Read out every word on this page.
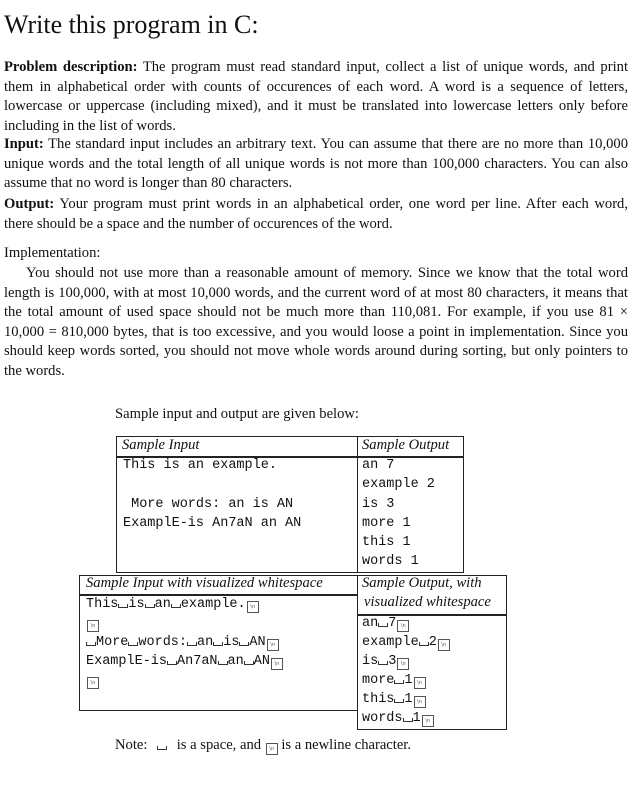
Write this program in C:

Problem description: The program must read standard input, collect a list of unique words, and print them in alphabetical order with counts of occurences of each word. A word is a sequence of letters, lowercase or uppercase (including mixed), and it must be translated into lowercase letters only before including in the list of words.

Input: The standard input includes an arbitrary text. You can assume that there are no more than 10,000 unique words and the total length of all unique words is not more than 100,000 characters. You can also assume that no word is longer than 80 characters.

Output: Your program must print words in an alphabetical order, one word per line. After each word, there should be a space and the number of occurences of the word.

Implementation:

You should not use more than a reasonable amount of memory. Since we know that the total word length is 100,000, with at most 10,000 words, and the current word of at most 80 characters, it means that the total amount of used space should not be much more than 110,081. For example, if you use 81 × 10,000 = 810,000 bytes, that is too excessive, and you would loose a point in implementation. Since you should keep words sorted, you should not move whole words around during sorting, but only pointers to the words.

Sample input and output are given below:
Sample Input	Sample Output
This is an example.
More words: an is AN
ExamplE-is An7aN an AN
an 7
example 2
is 3
more 1
this 1
words 1
Sample Input with visualized whitespace	Sample Output, with
visualized whitespace
This is an example. \n
\n
More words: an is AN \n
ExamplE-is An7aN an AN \n
\n
an 7 \n
example 2 \n
is 3 \n
more 1 \n
this 1 \n
words 1 \n
Note: is a space, and \n is a newline character.
